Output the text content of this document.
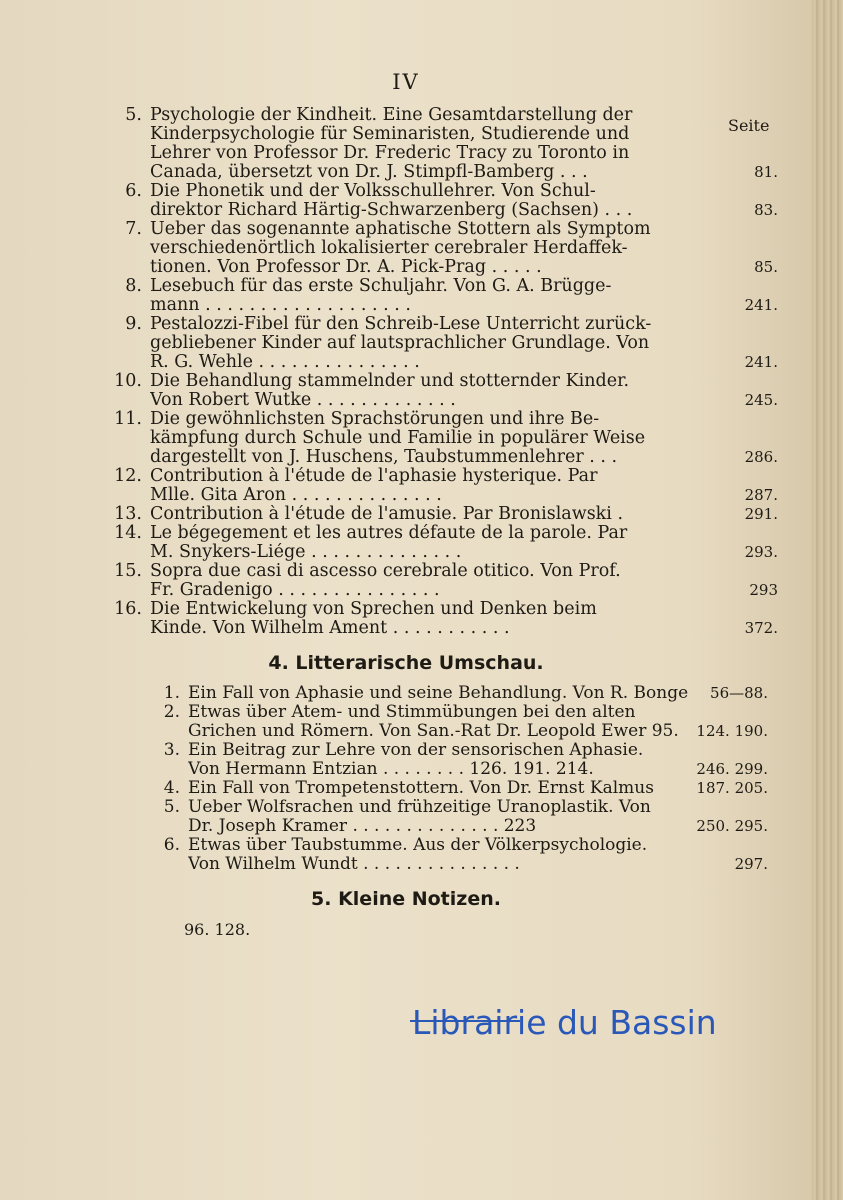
IV
Seite
5. Psychologie der Kindheit. Eine Gesamtdarstellung der
Kinderpsychologie für Seminaristen, Studierende und
Lehrer von Professor Dr. Frederic Tracy zu Toronto in
Canada, übersetzt von Dr. J. Stimpfl-Bamberg . . .	81.
6. Die Phonetik und der Volksschullehrer. Von Schul-
direktor Richard Härtig-Schwarzenberg (Sachsen) . . .	83.
7. Ueber das sogenannte aphatische Stottern als Symptom
verschiedenörtlich lokalisierter cerebraler Herdaffek-
tionen. Von Professor Dr. A. Pick-Prag . . . . .	85.
8. Lesebuch für das erste Schuljahr. Von G. A. Brügge-
mann . . . . . . . . . . . . . . . . . . .	241.
9. Pestalozzi-Fibel für den Schreib-Lese Unterricht zurück-
gebliebener Kinder auf lautsprachlicher Grundlage. Von
R. G. Wehle . . . . . . . . . . . . . . .	241.
10. Die Behandlung stammelnder und stotternder Kinder.
Von Robert Wutke . . . . . . . . . . . . .	245.
11. Die gewöhnlichsten Sprachstörungen und ihre Be-
kämpfung durch Schule und Familie in populärer Weise
dargestellt von J. Huschens, Taubstummenlehrer . . .	286.
12. Contribution à l'étude de l'aphasie hysterique. Par
Mlle. Gita Aron . . . . . . . . . . . . . .	287.
13. Contribution à l'étude de l'amusie. Par Bronislawski .	291.
14. Le bégegement et les autres défaute de la parole. Par
M. Snykers-Liége . . . . . . . . . . . . . .	293.
15. Sopra due casi di ascesso cerebrale otitico. Von Prof.
Fr. Gradenigo . . . . . . . . . . . . . . .	293
16. Die Entwickelung von Sprechen und Denken beim
Kinde. Von Wilhelm Ament . . . . . . . . . . .	372.
4. Litterarische Umschau.
1. Ein Fall von Aphasie und seine Behandlung. Von R. Bonge	56—88.
2. Etwas über Atem- und Stimmübungen bei den alten
Grichen und Römern. Von San.-Rat Dr. Leopold Ewer 95.	124. 190.
3. Ein Beitrag zur Lehre von der sensorischen Aphasie.
Von Hermann Entzian . . . . . . . . 126. 191. 214.	246. 299.
4. Ein Fall von Trompetenstottern. Von Dr. Ernst Kalmus	187. 205.
5. Ueber Wolfsrachen und frühzeitige Uranoplastik. Von
Dr. Joseph Kramer . . . . . . . . . . . . . . 223	250. 295.
6. Etwas über Taubstumme. Aus der Völkerpsychologie.
Von Wilhelm Wundt . . . . . . . . . . . . . . .	297.
5. Kleine Notizen.
96. 128.
Librairie du Bassin
